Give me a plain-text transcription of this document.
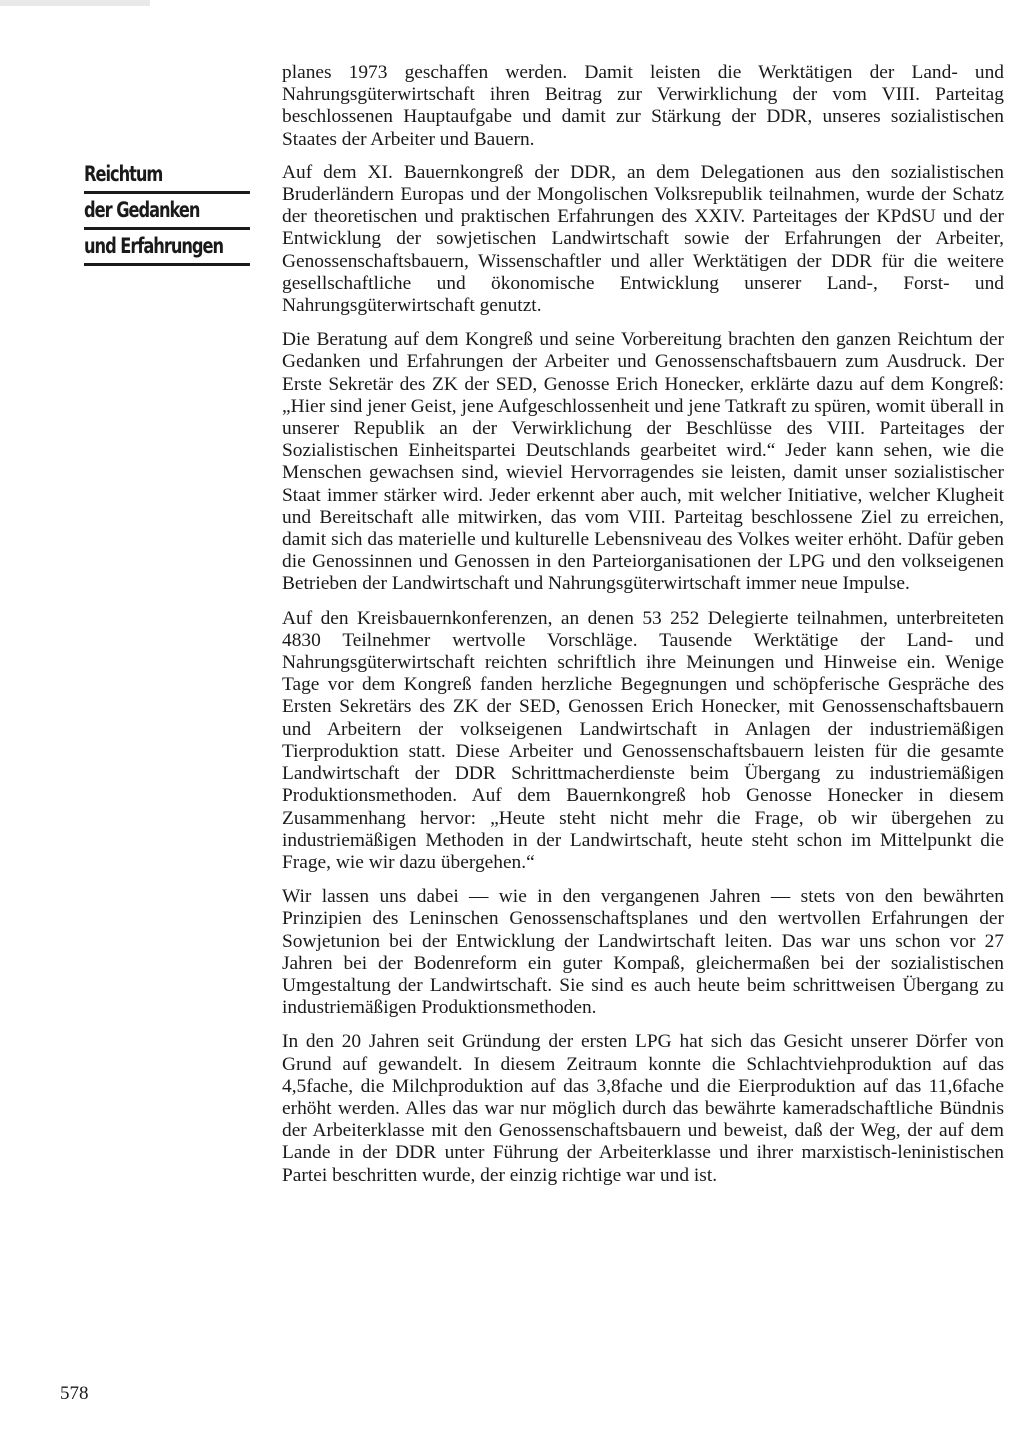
Reichtum
der Gedanken
und Erfahrungen

planes 1973 geschaffen werden. Damit leisten die Werktätigen der Land- und Nahrungsgüterwirtschaft ihren Beitrag zur Verwirklichung der vom VIII. Parteitag beschlossenen Hauptaufgabe und damit zur Stärkung der DDR, unseres sozialistischen Staates der Arbeiter und Bauern.

Auf dem XI. Bauernkongreß der DDR, an dem Delegationen aus den sozialistischen Bruderländern Europas und der Mongolischen Volksrepublik teilnahmen, wurde der Schatz der theoretischen und praktischen Erfahrungen des XXIV. Parteitages der KPdSU und der Entwicklung der sowjetischen Landwirtschaft sowie der Erfahrungen der Arbeiter, Genossenschaftsbauern, Wissenschaftler und aller Werktätigen der DDR für die weitere gesellschaftliche und ökonomische Entwicklung unserer Land-, Forst- und Nahrungsgüterwirtschaft genutzt.

Die Beratung auf dem Kongreß und seine Vorbereitung brachten den ganzen Reichtum der Gedanken und Erfahrungen der Arbeiter und Genossenschaftsbauern zum Ausdruck. Der Erste Sekretär des ZK der SED, Genosse Erich Honecker, erklärte dazu auf dem Kongreß: „Hier sind jener Geist, jene Aufgeschlossenheit und jene Tatkraft zu spüren, womit überall in unserer Republik an der Verwirklichung der Beschlüsse des VIII. Parteitages der Sozialistischen Einheitspartei Deutschlands gearbeitet wird.“ Jeder kann sehen, wie die Menschen gewachsen sind, wieviel Hervorragendes sie leisten, damit unser sozialistischer Staat immer stärker wird. Jeder erkennt aber auch, mit welcher Initiative, welcher Klugheit und Bereitschaft alle mitwirken, das vom VIII. Parteitag beschlossene Ziel zu erreichen, damit sich das materielle und kulturelle Lebensniveau des Volkes weiter erhöht. Dafür geben die Genossinnen und Genossen in den Parteiorganisationen der LPG und den volkseigenen Betrieben der Landwirtschaft und Nahrungsgüterwirtschaft immer neue Impulse.

Auf den Kreisbauernkonferenzen, an denen 53 252 Delegierte teilnahmen, unterbreiteten 4830 Teilnehmer wertvolle Vorschläge. Tausende Werktätige der Land- und Nahrungsgüterwirtschaft reichten schriftlich ihre Meinungen und Hinweise ein. Wenige Tage vor dem Kongreß fanden herzliche Begegnungen und schöpferische Gespräche des Ersten Sekretärs des ZK der SED, Genossen Erich Honecker, mit Genossenschaftsbauern und Arbeitern der volkseigenen Landwirtschaft in Anlagen der industriemäßigen Tierproduktion statt. Diese Arbeiter und Genossenschaftsbauern leisten für die gesamte Landwirtschaft der DDR Schrittmacherdienste beim Übergang zu industriemäßigen Produktionsmethoden. Auf dem Bauernkongreß hob Genosse Honecker in diesem Zusammenhang hervor: „Heute steht nicht mehr die Frage, ob wir übergehen zu industriemäßigen Methoden in der Landwirtschaft, heute steht schon im Mittelpunkt die Frage, wie wir dazu übergehen.“

Wir lassen uns dabei — wie in den vergangenen Jahren — stets von den bewährten Prinzipien des Leninschen Genossenschaftsplanes und den wertvollen Erfahrungen der Sowjetunion bei der Entwicklung der Landwirtschaft leiten. Das war uns schon vor 27 Jahren bei der Bodenreform ein guter Kompaß, gleichermaßen bei der sozialistischen Umgestaltung der Landwirtschaft. Sie sind es auch heute beim schrittweisen Übergang zu industriemäßigen Produktionsmethoden.

In den 20 Jahren seit Gründung der ersten LPG hat sich das Gesicht unserer Dörfer von Grund auf gewandelt. In diesem Zeitraum konnte die Schlachtviehproduktion auf das 4,5fache, die Milchproduktion auf das 3,8fache und die Eierproduktion auf das 11,6fache erhöht werden. Alles das war nur möglich durch das bewährte kameradschaftliche Bündnis der Arbeiterklasse mit den Genossenschaftsbauern und beweist, daß der Weg, der auf dem Lande in der DDR unter Führung der Arbeiterklasse und ihrer marxistisch-leninistischen Partei beschritten wurde, der einzig richtige war und ist.

578
